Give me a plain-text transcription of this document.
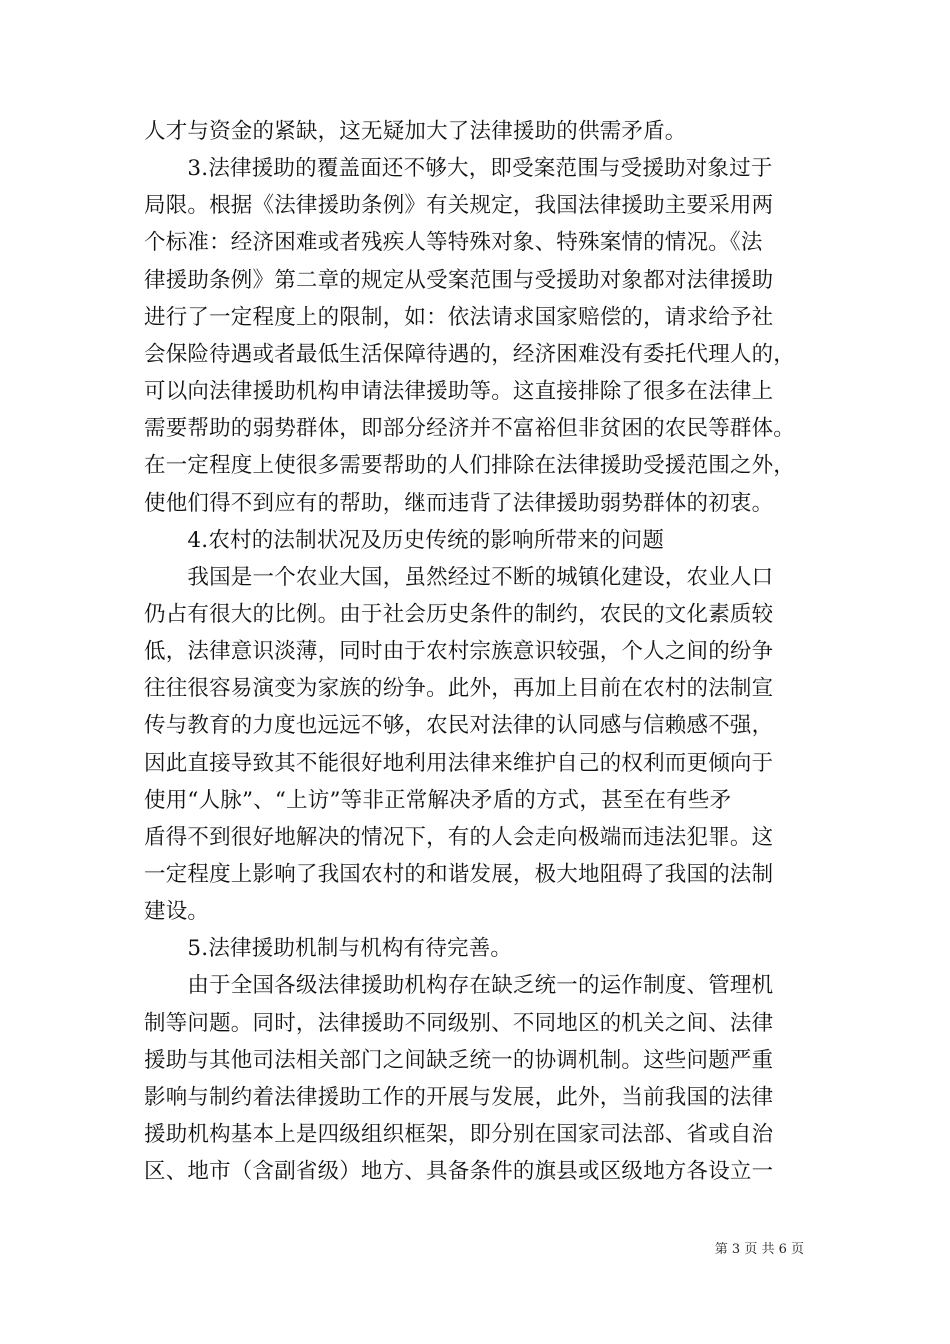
人才与资金的紧缺，这无疑加大了法律援助的供需矛盾。
　　3.法律援助的覆盖面还不够大，即受案范围与受援助对象过于
局限。根据《法律援助条例》有关规定，我国法律援助主要采用两
个标准：经济困难或者残疾人等特殊对象、特殊案情的情况。《法
律援助条例》第二章的规定从受案范围与受援助对象都对法律援助
进行了一定程度上的限制，如：依法请求国家赔偿的，请求给予社
会保险待遇或者最低生活保障待遇的，经济困难没有委托代理人的，
可以向法律援助机构申请法律援助等。这直接排除了很多在法律上
需要帮助的弱势群体，即部分经济并不富裕但非贫困的农民等群体。
在一定程度上使很多需要帮助的人们排除在法律援助受援范围之外，
使他们得不到应有的帮助，继而违背了法律援助弱势群体的初衷。
　　4.农村的法制状况及历史传统的影响所带来的问题
　　我国是一个农业大国，虽然经过不断的城镇化建设，农业人口
仍占有很大的比例。由于社会历史条件的制约，农民的文化素质较
低，法律意识淡薄，同时由于农村宗族意识较强，个人之间的纷争
往往很容易演变为家族的纷争。此外，再加上目前在农村的法制宣
传与教育的力度也远远不够，农民对法律的认同感与信赖感不强，
因此直接导致其不能很好地利用法律来维护自己的权利而更倾向于
使用“人脉”、“上访”等非正常解决矛盾的方式，甚至在有些矛
盾得不到很好地解决的情况下，有的人会走向极端而违法犯罪。这
一定程度上影响了我国农村的和谐发展，极大地阻碍了我国的法制
建设。
　　5.法律援助机制与机构有待完善。
　　由于全国各级法律援助机构存在缺乏统一的运作制度、管理机
制等问题。同时，法律援助不同级别、不同地区的机关之间、法律
援助与其他司法相关部门之间缺乏统一的协调机制。这些问题严重
影响与制约着法律援助工作的开展与发展，此外，当前我国的法律
援助机构基本上是四级组织框架，即分别在国家司法部、省或自治
区、地市（含副省级）地方、具备条件的旗县或区级地方各设立一
第 3 页 共 6 页
